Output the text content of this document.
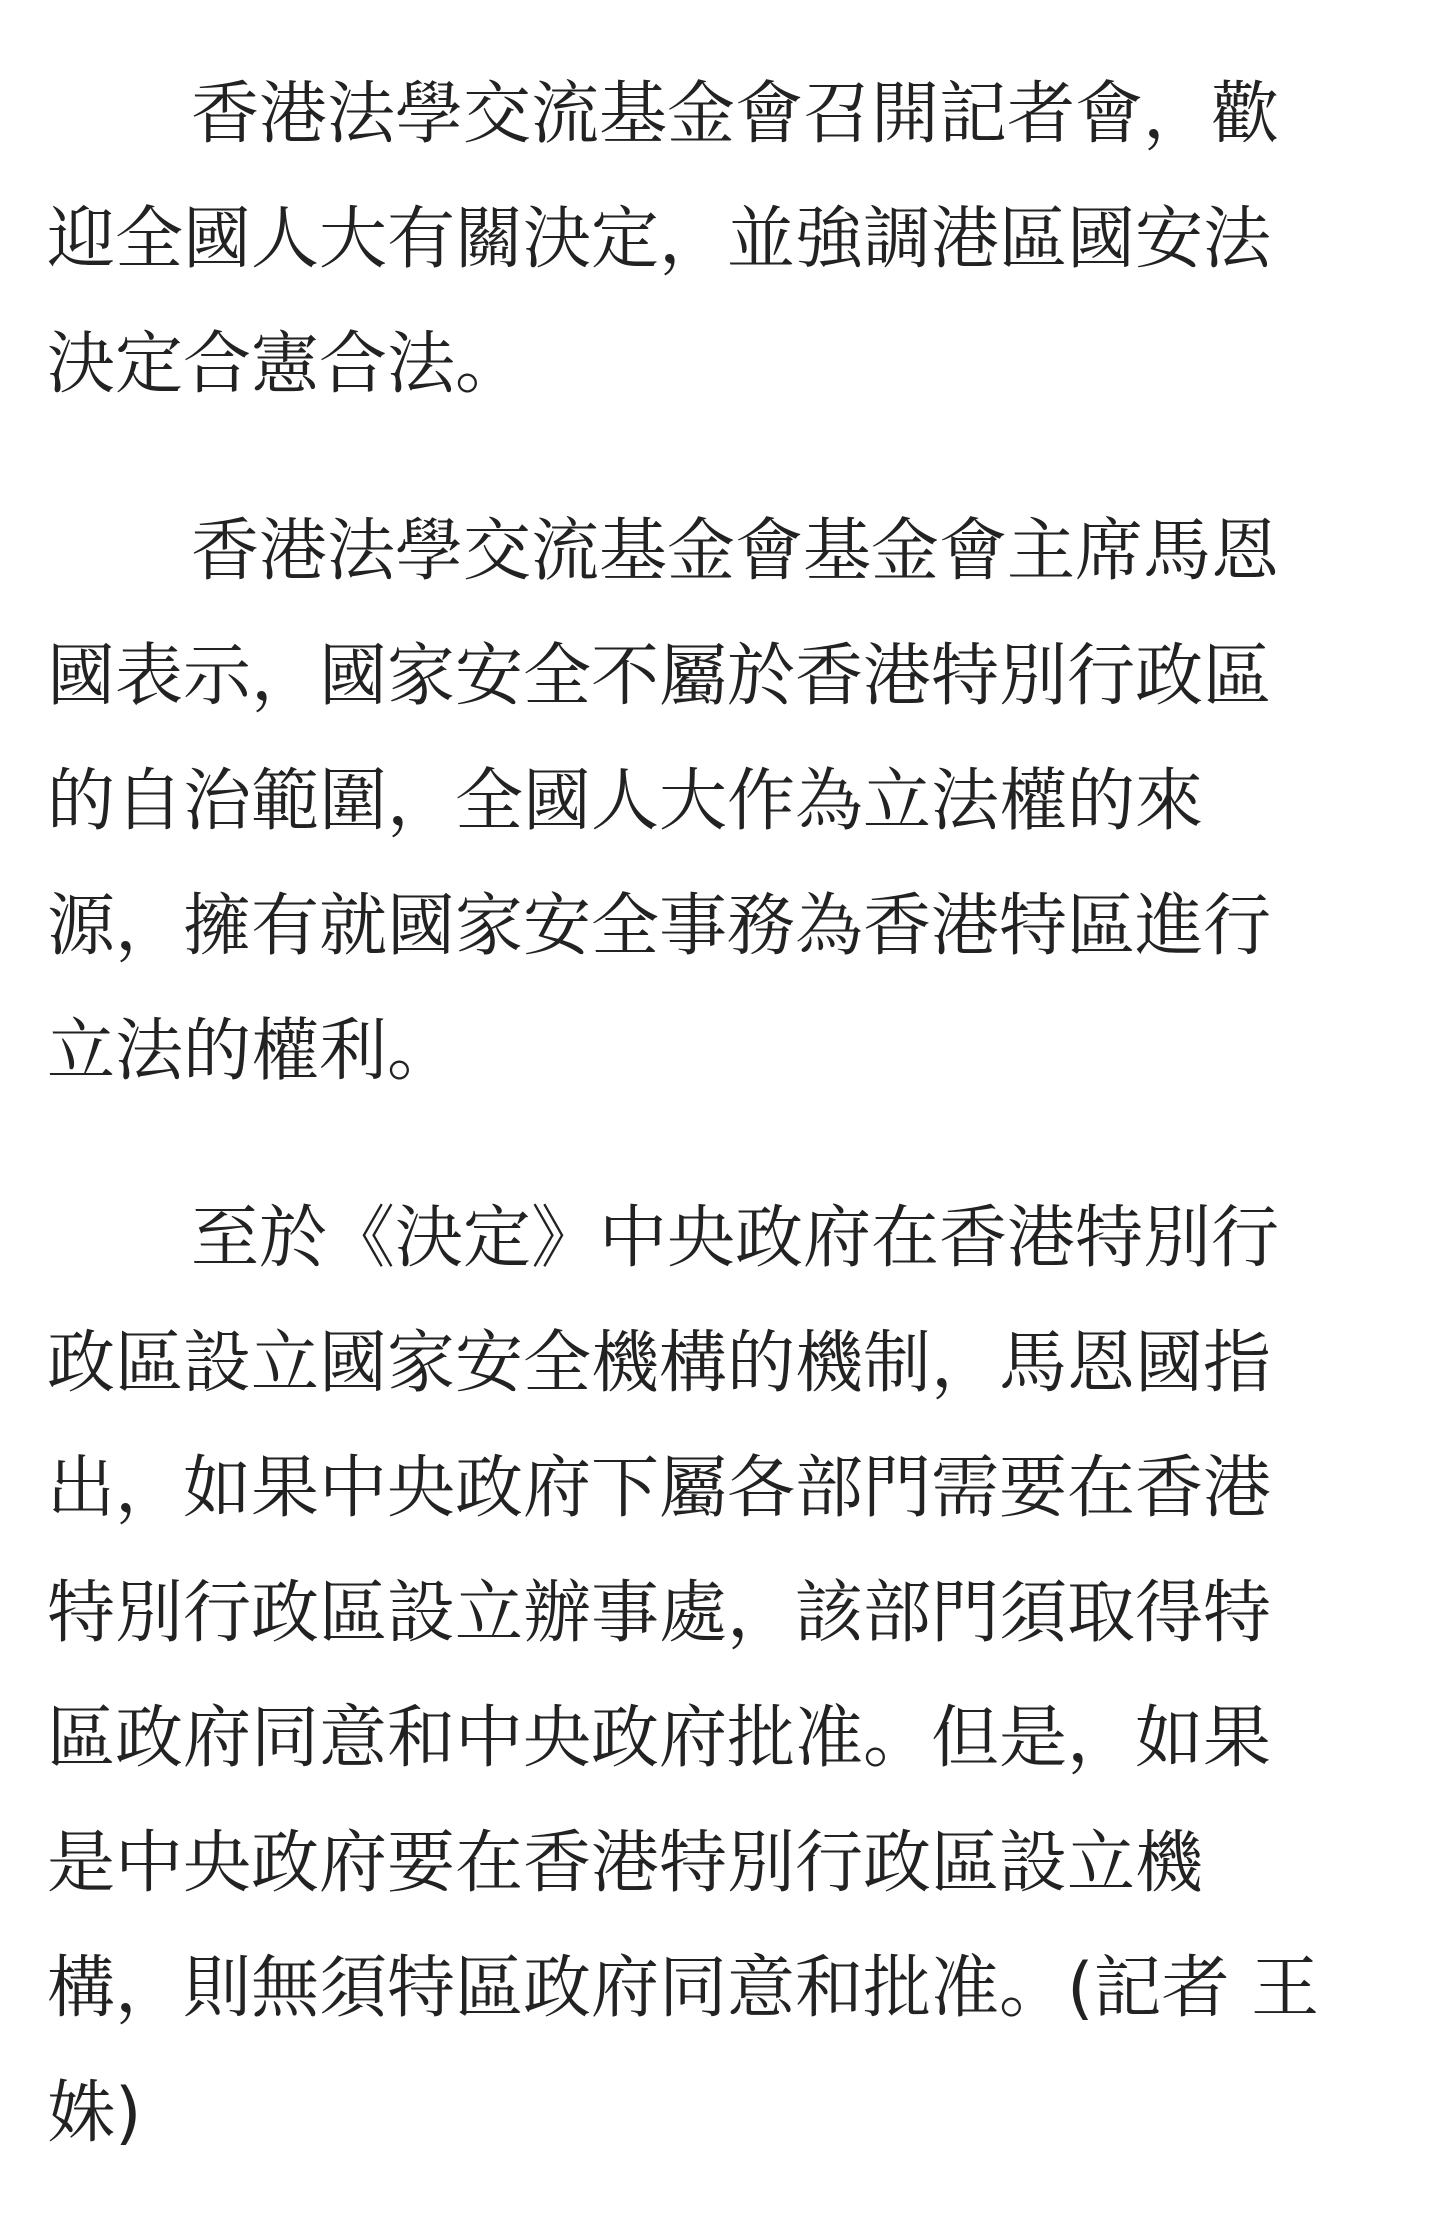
香港法學交流基金會召開記者會，歡
迎全國人大有關決定，並強調港區國安法
決定合憲合法。

香港法學交流基金會基金會主席馬恩
國表示，國家安全不屬於香港特別行政區
的自治範圍，全國人大作為立法權的來
源，擁有就國家安全事務為香港特區進行
立法的權利。

至於《決定》中央政府在香港特別行
政區設立國家安全機構的機制，馬恩國指
出，如果中央政府下屬各部門需要在香港
特別行政區設立辦事處，該部門須取得特
區政府同意和中央政府批准。但是，如果
是中央政府要在香港特別行政區設立機
構，則無須特區政府同意和批准。(記者 王
姝)
